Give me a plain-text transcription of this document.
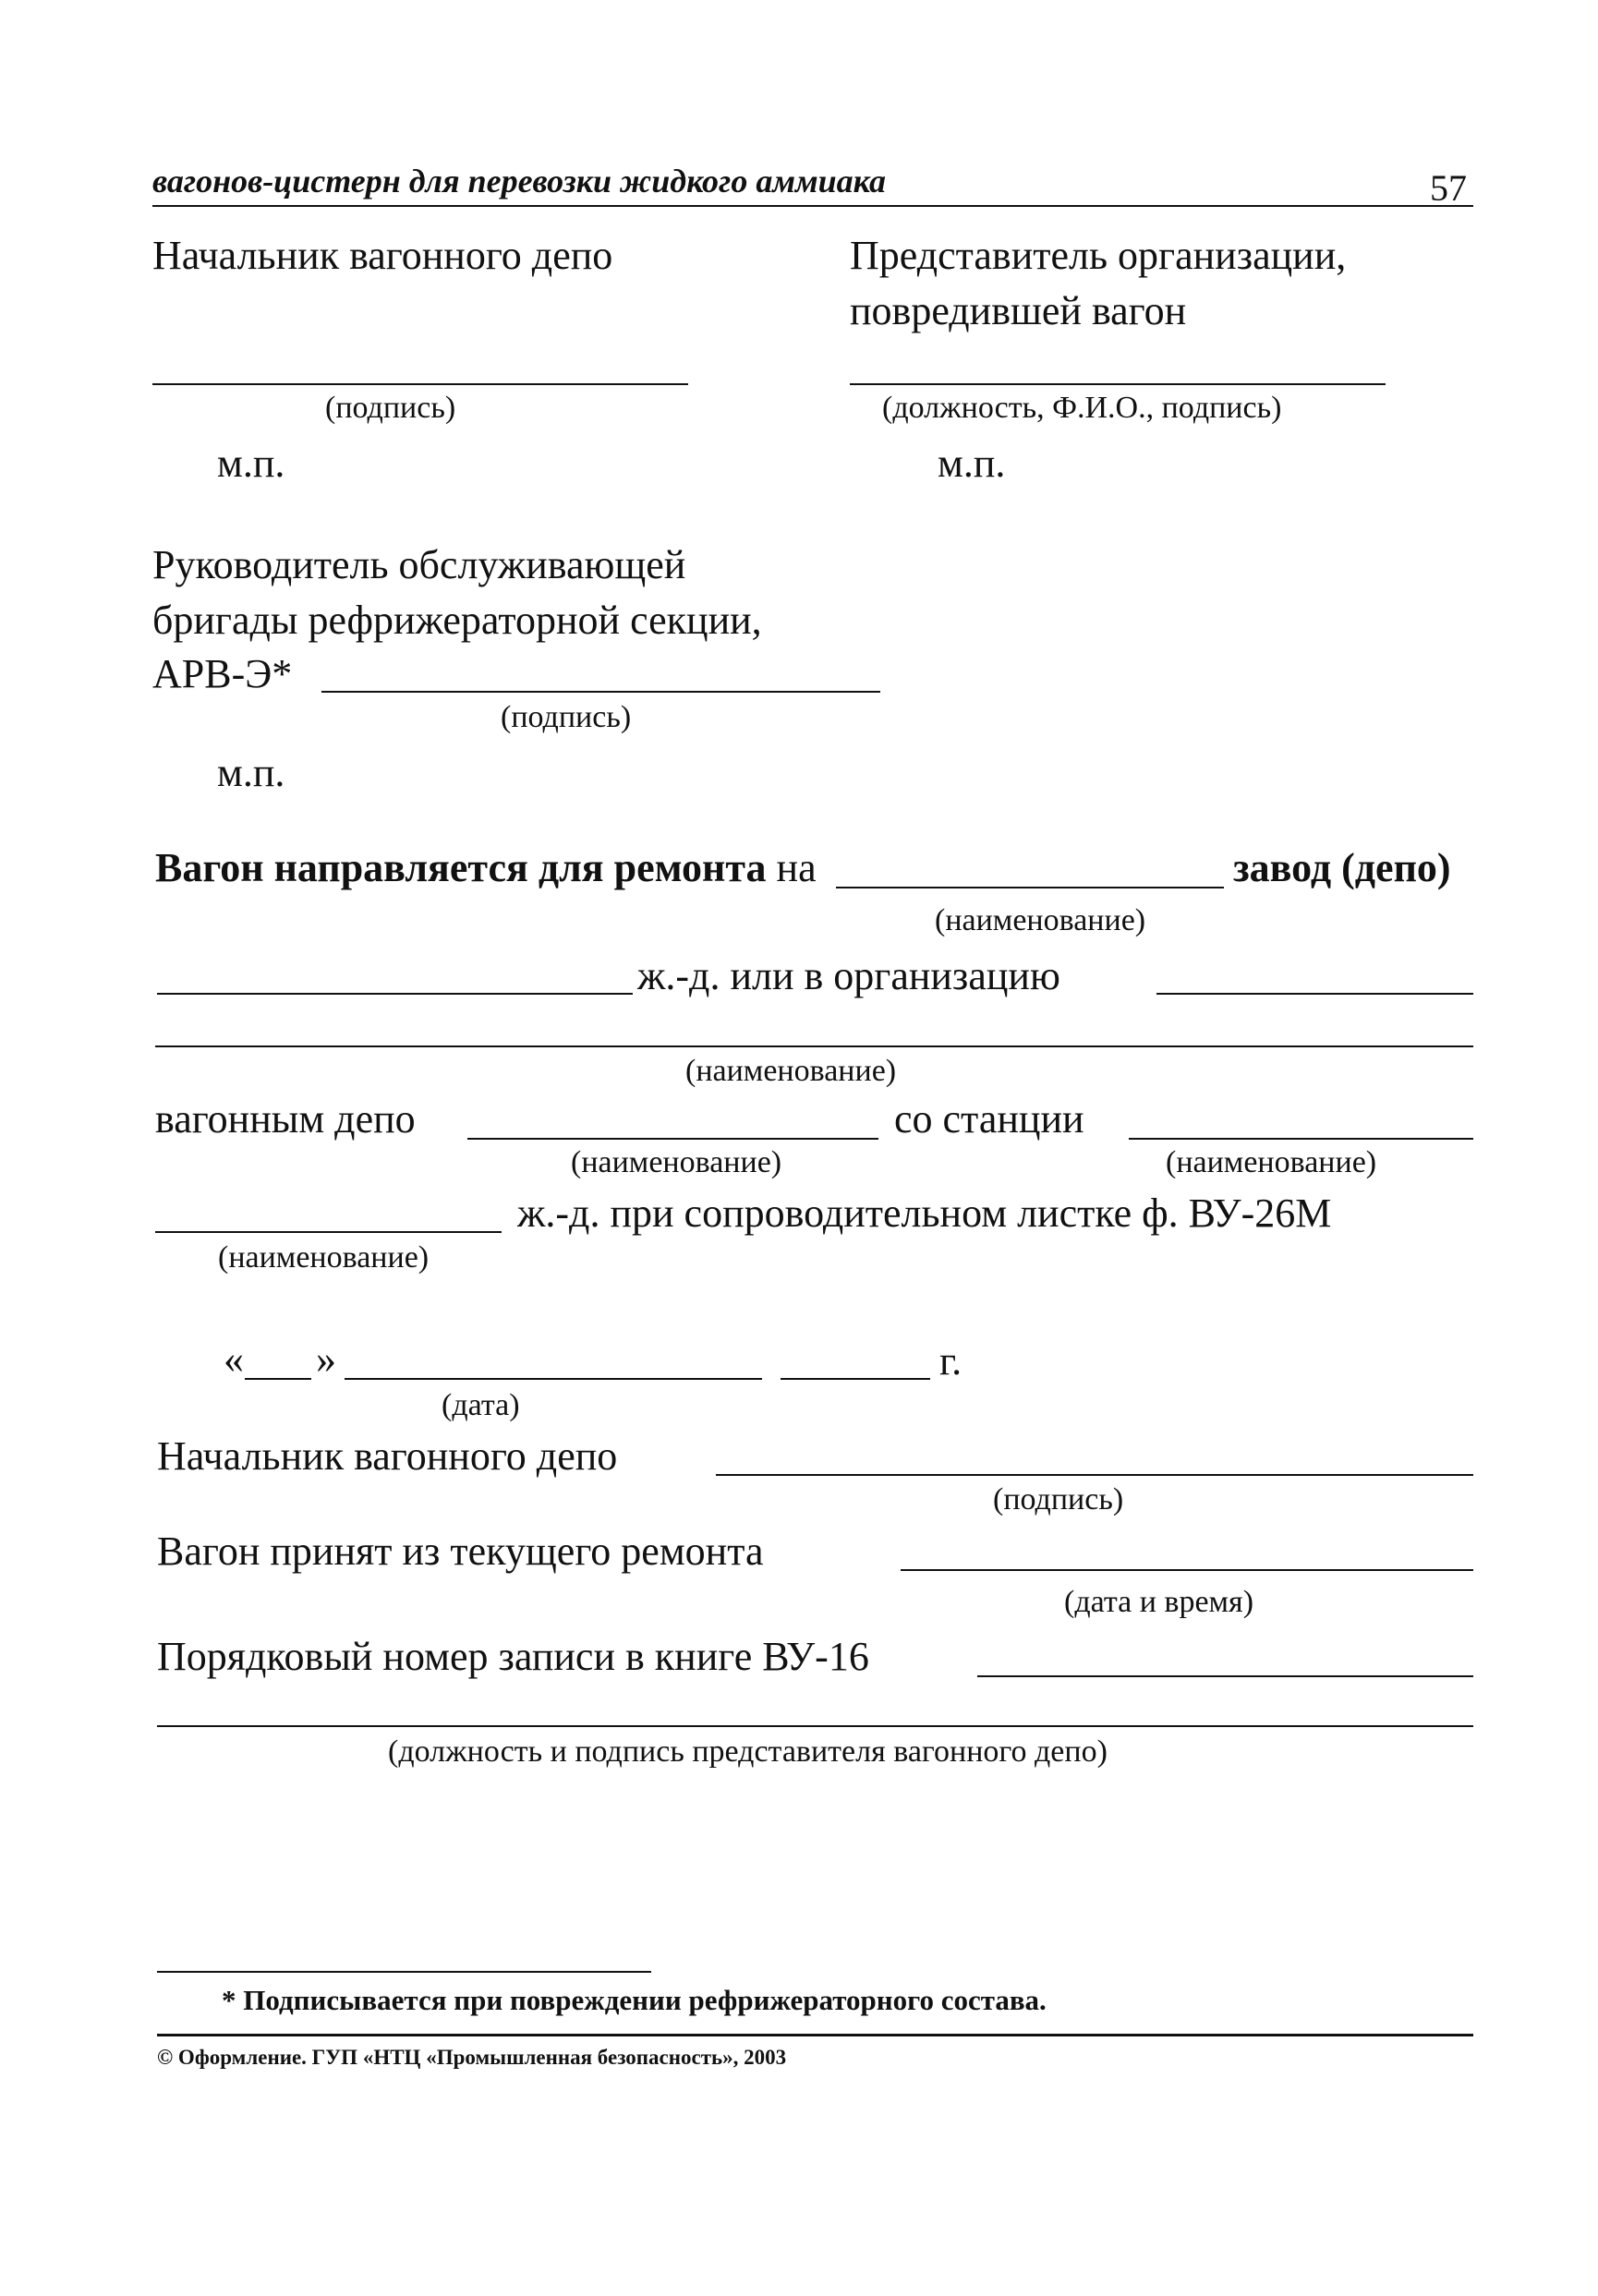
вагонов-цистерн для перевозки жидкого аммиака	57
Начальник вагонного депо	Представитель организации,
повредившей вагон
(подпись)	(должность, Ф.И.О., подпись)
м.п.	м.п.
Руководитель обслуживающей
бригады рефрижераторной секции,
АРВ-Э*
(подпись)
м.п.
Вагон направляется для ремонта на	завод (депо)
(наименование)
ж.-д. или в организацию
(наименование)
вагонным депо	со станции
(наименование)	(наименование)
ж.-д. при сопроводительном листке ф. ВУ-26М
(наименование)
« »	г.
(дата)
Начальник вагонного депо
(подпись)
Вагон принят из текущего ремонта
(дата и время)
Порядковый номер записи в книге ВУ-16
(должность и подпись представителя вагонного депо)
* Подписывается при повреждении рефрижераторного состава.
© Оформление. ГУП «НТЦ «Промышленная безопасность», 2003
